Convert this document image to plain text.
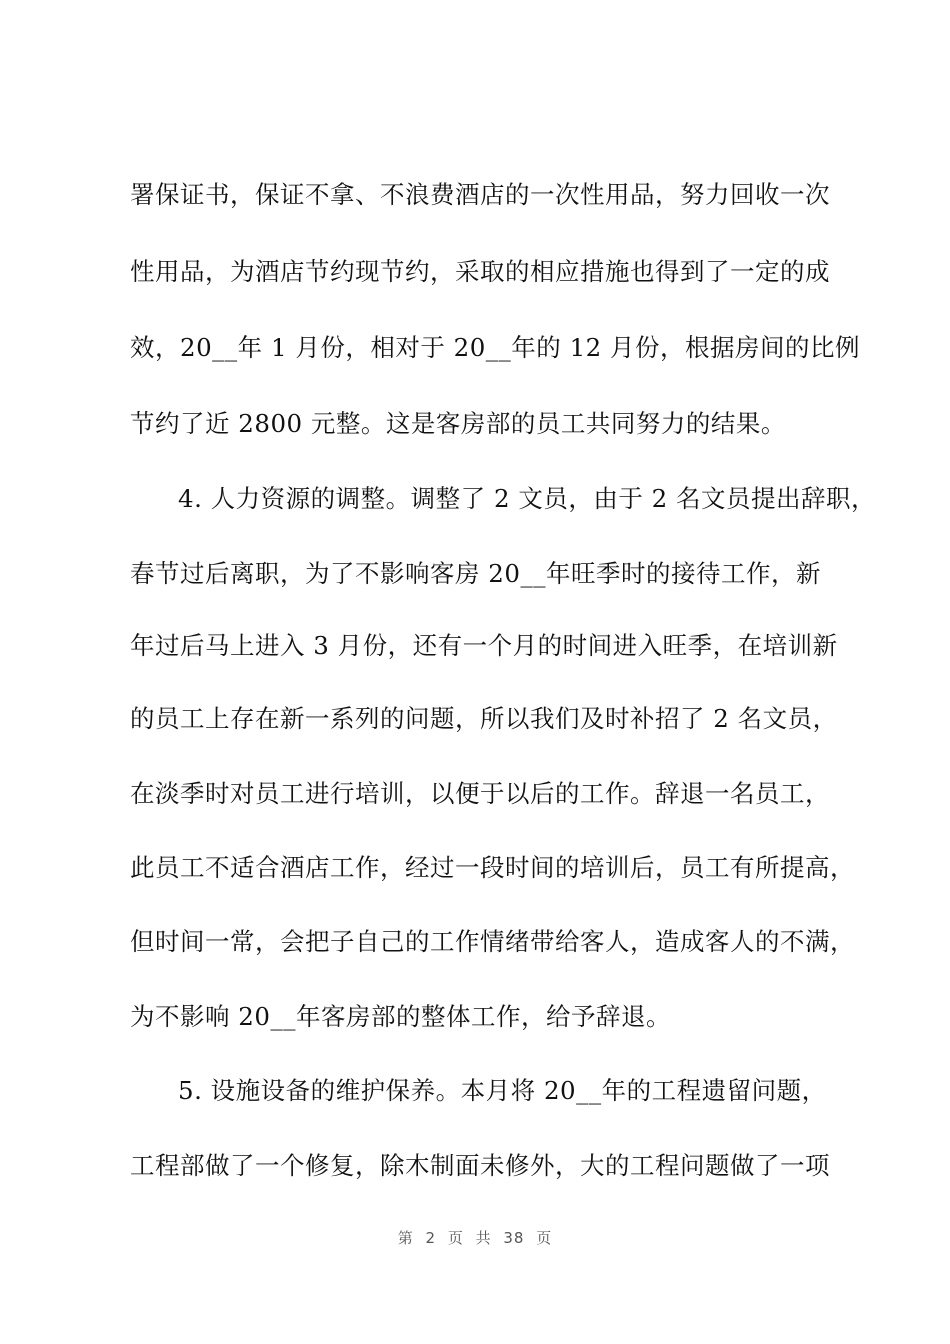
署保证书，保证不拿、不浪费酒店的一次性用品，努力回收一次
性用品，为酒店节约现节约，采取的相应措施也得到了一定的成
效，20__年 1 月份，相对于 20__年的 12 月份，根据房间的比例
节约了近 2800 元整。这是客房部的员工共同努力的结果。
4. 人力资源的调整。调整了 2 文员，由于 2 名文员提出辞职，
春节过后离职，为了不影响客房 20__年旺季时的接待工作，新
年过后马上进入 3 月份，还有一个月的时间进入旺季，在培训新
的员工上存在新一系列的问题，所以我们及时补招了 2 名文员，
在淡季时对员工进行培训，以便于以后的工作。辞退一名员工，
此员工不适合酒店工作，经过一段时间的培训后，员工有所提高，
但时间一常，会把子自己的工作情绪带给客人，造成客人的不满，
为不影响 20__年客房部的整体工作，给予辞退。
5. 设施设备的维护保养。本月将 20__年的工程遗留问题，
工程部做了一个修复，除木制面未修外，大的工程问题做了一项
第 2 页 共 38 页
